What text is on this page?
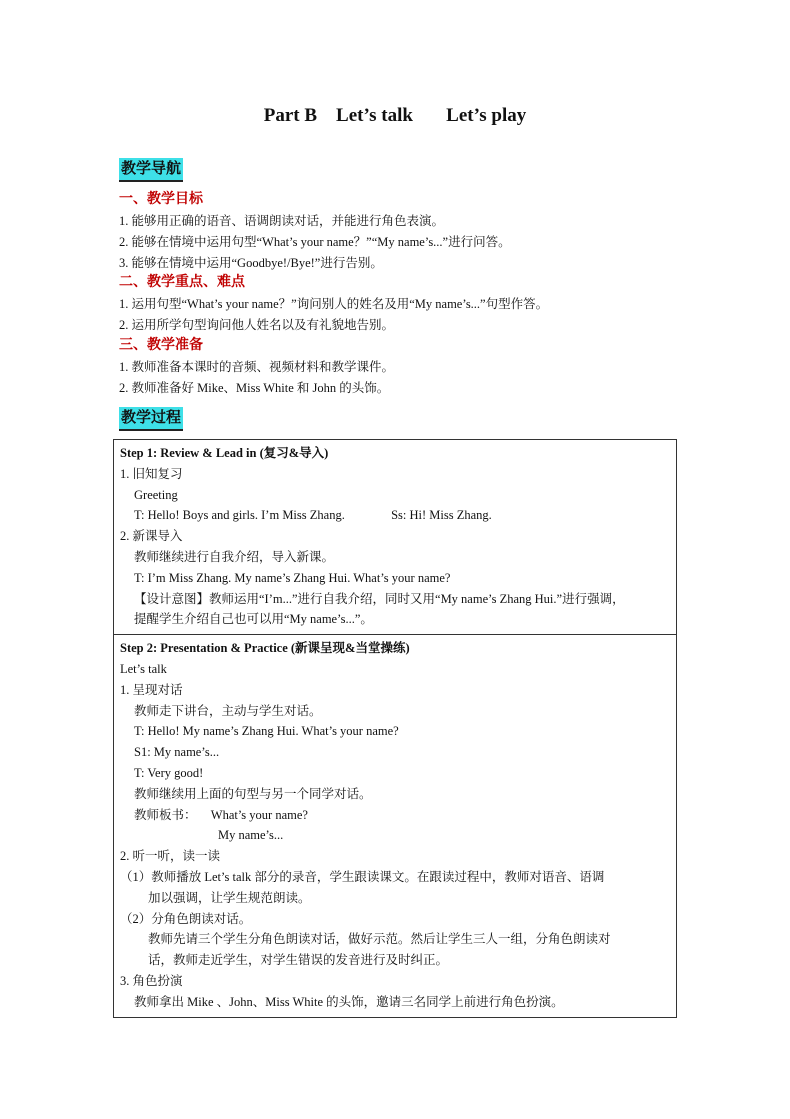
Part B    Let’s talk       Let’s play
教学导航
一、教学目标
1. 能够用正确的语音、语调朗读对话，并能进行角色表演。
2. 能够在情境中运用句型“What’s your name？”“My name’s...”进行问答。
3. 能够在情境中运用“Goodbye!/Bye!”进行告别。
二、教学重点、难点
1. 运用句型“What’s your name？”询问别人的姓名及用“My name’s...”句型作答。
2. 运用所学句型询问他人姓名以及有礼貌地告别。
三、教学准备
1. 教师准备本课时的音频、视频材料和教学课件。
2. 教师准备好 Mike、Miss White 和 John 的头饰。
教学过程
Step 1: Review & Lead in (复习&导入)
1. 旧知复习
Greeting
T: Hello! Boys and girls. I’m Miss Zhang.	Ss: Hi! Miss Zhang.
2. 新课导入
教师继续进行自我介绍，导入新课。
T: I’m Miss Zhang. My name’s Zhang Hui. What’s your name?
【设计意图】教师运用“I’m...”进行自我介绍，同时又用“My name’s Zhang Hui.”进行强调，
提醒学生介绍自己也可以用“My name’s...”。

Step 2: Presentation & Practice (新课呈现&当堂操练)
Let’s talk
1. 呈现对话
教师走下讲台，主动与学生对话。
T: Hello! My name’s Zhang Hui. What’s your name?
S1: My name’s...
T: Very good!
教师继续用上面的句型与另一个同学对话。
教师板书： What’s your name?
My name’s...
2. 听一听，读一读
（1）教师播放 Let’s talk 部分的录音，学生跟读课文。在跟读过程中，教师对语音、语调
加以强调，让学生规范朗读。
（2）分角色朗读对话。
教师先请三个学生分角色朗读对话，做好示范。然后让学生三人一组，分角色朗读对
话，教师走近学生，对学生错误的发音进行及时纠正。
3. 角色扮演
教师拿出 Mike 、John、Miss White 的头饰，邀请三名同学上前进行角色扮演。
